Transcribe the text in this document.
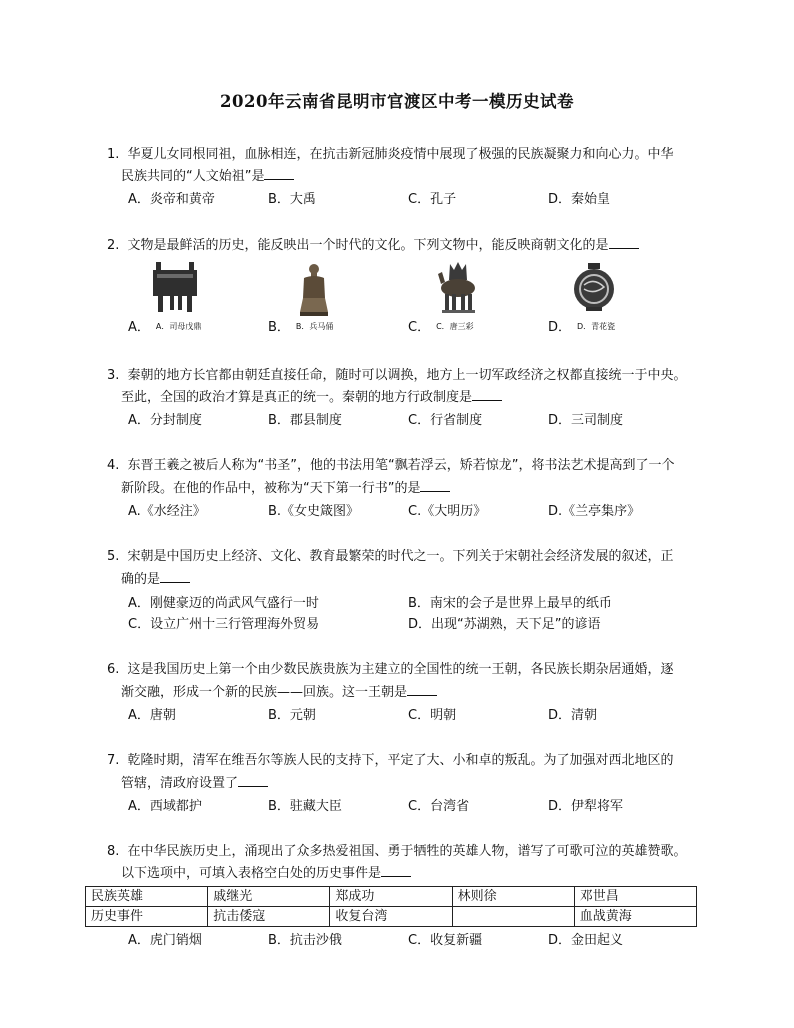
2020年云南省昆明市官渡区中考一模历史试卷
1. 华夏儿女同根同祖，血脉相连，在抗击新冠肺炎疫情中展现了极强的民族凝聚力和向心力。中华
民族共同的“人文始祖”是
A．炎帝和黄帝	B．大禹	C．孔子	D．秦始皇
2. 文物是最鲜活的历史，能反映出一个时代的文化。下列文物中，能反映商朝文化的是
A． A．司母戊鼎	B． B．兵马俑	C． C．唐三彩	D． D．青花瓷
3. 秦朝的地方长官都由朝廷直接任命，随时可以调换，地方上一切军政经济之权都直接统一于中央。
至此，全国的政治才算是真正的统一。秦朝的地方行政制度是
A．分封制度	B．郡县制度	C．行省制度	D．三司制度
4. 东晋王羲之被后人称为“书圣”，他的书法用笔“飘若浮云，矫若惊龙”，将书法艺术提高到了一个
新阶段。在他的作品中，被称为“天下第一行书”的是
A.《水经注》	B.《女史箴图》	C.《大明历》	D.《兰亭集序》
5. 宋朝是中国历史上经济、文化、教育最繁荣的时代之一。下列关于宋朝社会经济发展的叙述，正
确的是
A．刚健豪迈的尚武风气盛行一时	B．南宋的会子是世界上最早的纸币
C．设立广州十三行管理海外贸易	D．出现“苏湖熟，天下足”的谚语
6. 这是我国历史上第一个由少数民族贵族为主建立的全国性的统一王朝，各民族长期杂居通婚，逐
渐交融，形成一个新的民族——回族。这一王朝是
A．唐朝	B．元朝	C．明朝	D．清朝
7. 乾隆时期，清军在维吾尔等族人民的支持下，平定了大、小和卓的叛乱。为了加强对西北地区的
管辖，清政府设置了
A．西域都护	B．驻藏大臣	C．台湾省	D．伊犁将军
8. 在中华民族历史上，涌现出了众多热爱祖国、勇于牺牲的英雄人物，谱写了可歌可泣的英雄赞歌。
以下选项中，可填入表格空白处的历史事件是
民族英雄	戚继光	郑成功	林则徐	邓世昌
历史事件	抗击倭寇	收复台湾		血战黄海
A．虎门销烟	B．抗击沙俄	C．收复新疆	D．金田起义
